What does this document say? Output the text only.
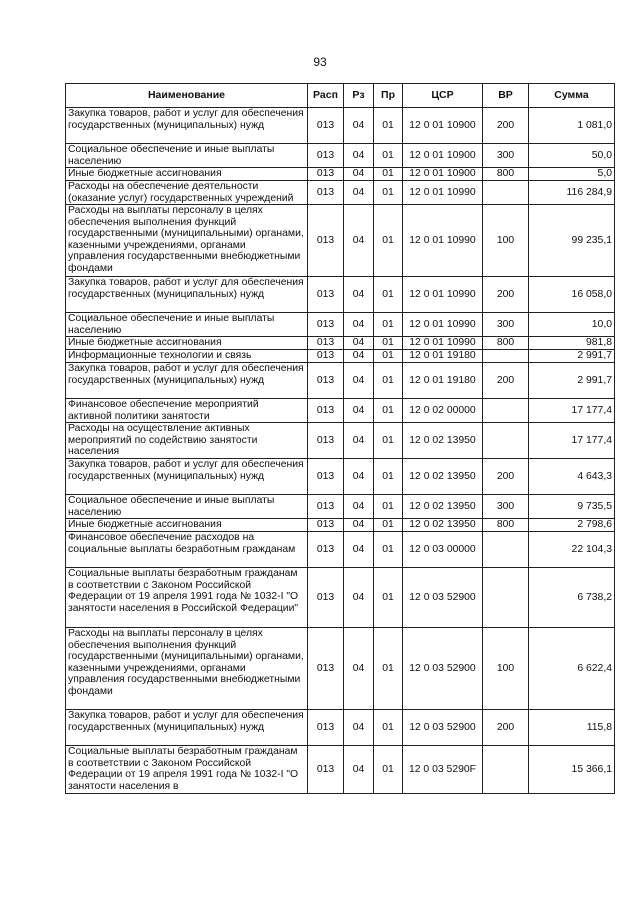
93
Наименование	Расп	Рз	Пр	ЦСР	ВР	Сумма
Закупка товаров, работ и услуг для обеспечения государственных (муниципальных) нужд	013	04	01	12 0 01 10900	200	1 081,0
Социальное обеспечение и иные выплаты населению	013	04	01	12 0 01 10900	300	50,0
Иные бюджетные ассигнования	013	04	01	12 0 01 10900	800	5,0
Расходы на обеспечение деятельности (оказание услуг) государственных учреждений	013	04	01	12 0 01 10990		116 284,9
Расходы на выплаты персоналу в целях обеспечения выполнения функций государственными (муниципальными) органами, казенными учреждениями, органами управления государственными внебюджетными фондами	013	04	01	12 0 01 10990	100	99 235,1
Закупка товаров, работ и услуг для обеспечения государственных (муниципальных) нужд	013	04	01	12 0 01 10990	200	16 058,0
Социальное обеспечение и иные выплаты населению	013	04	01	12 0 01 10990	300	10,0
Иные бюджетные ассигнования	013	04	01	12 0 01 10990	800	981,8
Информационные технологии и связь	013	04	01	12 0 01 19180		2 991,7
Закупка товаров, работ и услуг для обеспечения государственных (муниципальных) нужд	013	04	01	12 0 01 19180	200	2 991,7
Финансовое обеспечение мероприятий активной политики занятости	013	04	01	12 0 02 00000		17 177,4
Расходы на осуществление активных мероприятий по содействию занятости населения	013	04	01	12 0 02 13950		17 177,4
Закупка товаров, работ и услуг для обеспечения государственных (муниципальных) нужд	013	04	01	12 0 02 13950	200	4 643,3
Социальное обеспечение и иные выплаты населению	013	04	01	12 0 02 13950	300	9 735,5
Иные бюджетные ассигнования	013	04	01	12 0 02 13950	800	2 798,6
Финансовое обеспечение расходов на социальные выплаты безработным гражданам	013	04	01	12 0 03 00000		22 104,3
Социальные выплаты безработным гражданам в соответствии с Законом Российской Федерации от 19 апреля 1991 года № 1032-I "О занятости населения в Российской Федерации"	013	04	01	12 0 03 52900		6 738,2
Расходы на выплаты персоналу в целях обеспечения выполнения функций государственными (муниципальными) органами, казенными учреждениями, органами управления государственными внебюджетными фондами	013	04	01	12 0 03 52900	100	6 622,4
Закупка товаров, работ и услуг для обеспечения государственных (муниципальных) нужд	013	04	01	12 0 03 52900	200	115,8
Социальные выплаты безработным гражданам в соответствии с Законом Российской Федерации от 19 апреля 1991 года № 1032-I "О занятости населения в	013	04	01	12 0 03 5290F		15 366,1
